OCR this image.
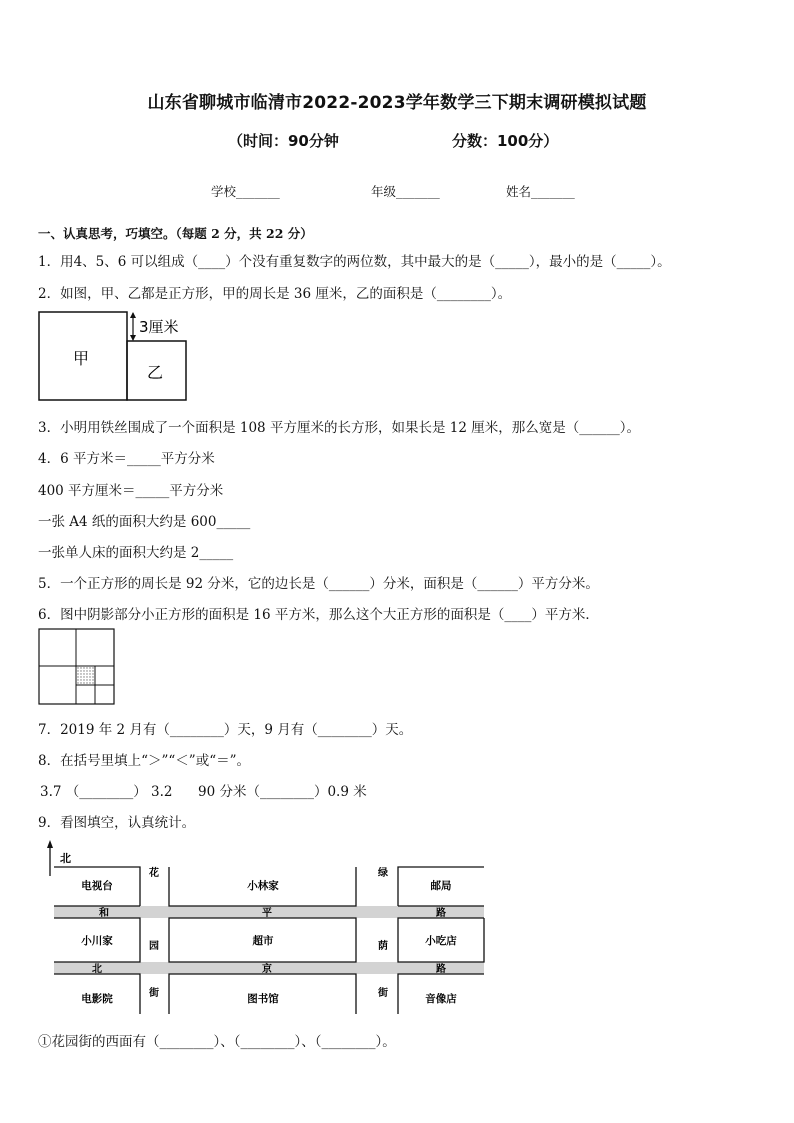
山东省聊城市临清市2022-2023学年数学三下期末调研模拟试题
（时间：90分钟	分数：100分）
学校_______	年级_______	姓名_______
一、认真思考，巧填空。（每题 2 分，共 22 分）
1．用4、5、6 可以组成（____）个没有重复数字的两位数，其中最大的是（_____），最小的是（_____）。
2．如图，甲、乙都是正方形，甲的周长是 36 厘米，乙的面积是（________）。
3厘米
甲
乙
3．小明用铁丝围成了一个面积是 108 平方厘米的长方形，如果长是 12 厘米，那么宽是（______）。
4．6 平方米＝_____平方分米
400 平方厘米＝_____平方分米
一张 A4 纸的面积大约是 600_____
一张单人床的面积大约是 2_____
5．一个正方形的周长是 92 分米，它的边长是（______）分米，面积是（______）平方分米。
6．图中阴影部分小正方形的面积是 16 平方米，那么这个大正方形的面积是（____）平方米．
7．2019 年 2 月有（________）天，9 月有（________）天。
8．在括号里填上“＞”“＜”或“＝”。
3.7 （________） 3.2 90 分米（________）0.9 米
9．看图填空，认真统计。
北
电视台	小林家	邮局
小川家	超市	小吃店
电影院	图书馆	音像店
和	平	路
北	京	路
花
园
街
绿
荫
街
①花园街的西面有（________）、（________）、（________）。
